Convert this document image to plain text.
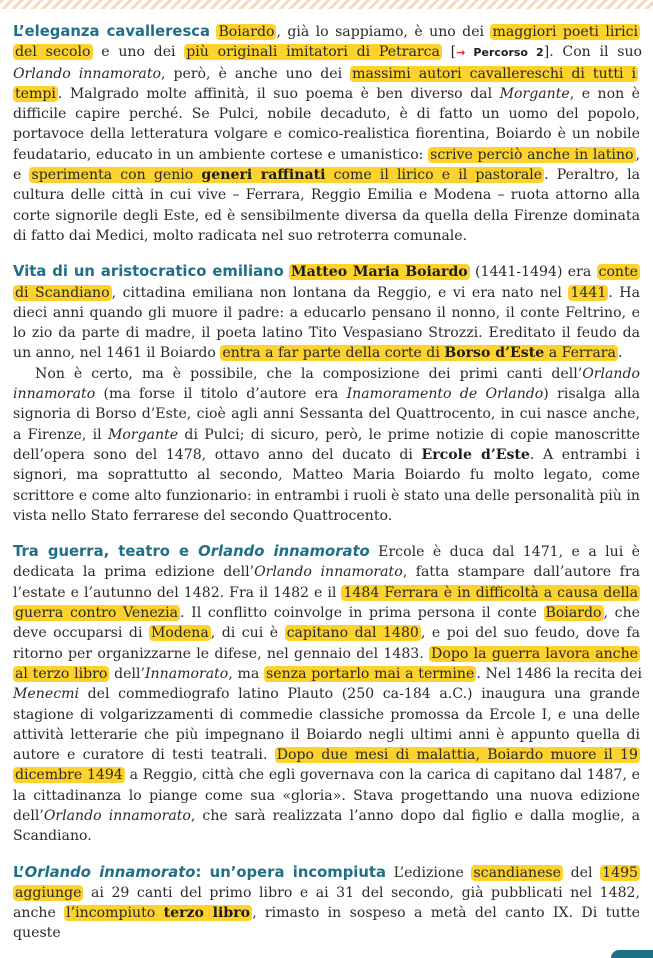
L’eleganza cavalleresca Boiardo , già lo sappiamo, è uno dei maggiori poeti lirici del secolo e uno dei più originali imitatori di Petrarca [→ Percorso 2]. Con il suo Orlando innamorato, però, è anche uno dei massimi autori cavallereschi di tutti i tempi . Malgrado molte affinità, il suo poema è ben diverso dal Morgante, e non è difficile capire perché. Se Pulci, nobile decaduto, è di fatto un uomo del popolo, portavoce della letteratura volgare e comico-realistica fiorentina, Boiardo è un nobile feudatario, educato in un ambiente cortese e umanistico: scrive perciò anche in latino , e sperimenta con genio generi raffinati come il lirico e il pastorale . Peraltro, la cultura delle città in cui vive – Ferrara, Reggio Emilia e Modena – ruota attorno alla corte signorile degli Este, ed è sensibilmente diversa da quella della Firenze dominata di fatto dai Medici, molto radicata nel suo retroterra comunale.

Vita di un aristocratico emiliano Matteo Maria Boiardo (1441-1494) era conte di Scandiano , cittadina emiliana non lontana da Reggio, e vi era nato nel 1441 . Ha dieci anni quando gli muore il padre: a educarlo pensano il nonno, il conte Feltrino, e lo zio da parte di madre, il poeta latino Tito Vespasiano Strozzi. Ereditato il feudo da un anno, nel 1461 il Boiardo entra a far parte della corte di Borso d’Este a Ferrara .

Non è certo, ma è possibile, che la composizione dei primi canti dell’Orlando innamorato (ma forse il titolo d’autore era Inamoramento de Orlando) risalga alla signoria di Borso d’Este, cioè agli anni Sessanta del Quattrocento, in cui nasce anche, a Firenze, il Morgante di Pulci; di sicuro, però, le prime notizie di copie manoscritte dell’opera sono del 1478, ottavo anno del ducato di Ercole d’Este. A entrambi i signori, ma soprattutto al secondo, Matteo Maria Boiardo fu molto legato, come scrittore e come alto funzionario: in entrambi i ruoli è stato una delle personalità più in vista nello Stato ferrarese del secondo Quattrocento.

Tra guerra, teatro e Orlando innamorato Ercole è duca dal 1471, e a lui è dedicata la prima edizione dell’Orlando innamorato, fatta stampare dall’autore fra l’estate e l’autunno del 1482. Fra il 1482 e il 1484 Ferrara è in difficoltà a causa della guerra contro Venezia . Il conflitto coinvolge in prima persona il conte Boiardo , che deve occuparsi di Modena , di cui è capitano dal 1480 , e poi del suo feudo, dove fa ritorno per organizzarne le difese, nel gennaio del 1483. Dopo la guerra lavora anche al terzo libro dell’Innamorato, ma senza portarlo mai a termine . Nel 1486 la recita dei Menecmi del commediografo latino Plauto (250 ca-184 a.C.) inaugura una grande stagione di volgarizzamenti di commedie classiche promossa da Ercole I, e una delle attività letterarie che più impegnano il Boiardo negli ultimi anni è appunto quella di autore e curatore di testi teatrali. Dopo due mesi di malattia, Boiardo muore il 19 dicembre 1494 a Reggio, città che egli governava con la carica di capitano dal 1487, e la cittadinanza lo piange come sua «gloria». Stava progettando una nuova edizione dell’Orlando innamorato, che sarà realizzata l’anno dopo dal figlio e dalla moglie, a Scandiano.

L’Orlando innamorato: un’opera incompiuta L’edizione scandianese del 1495 aggiunge ai 29 canti del primo libro e ai 31 del secondo, già pubblicati nel 1482, anche l’incompiuto terzo libro , rimasto in sospeso a metà del canto IX. Di tutte queste
